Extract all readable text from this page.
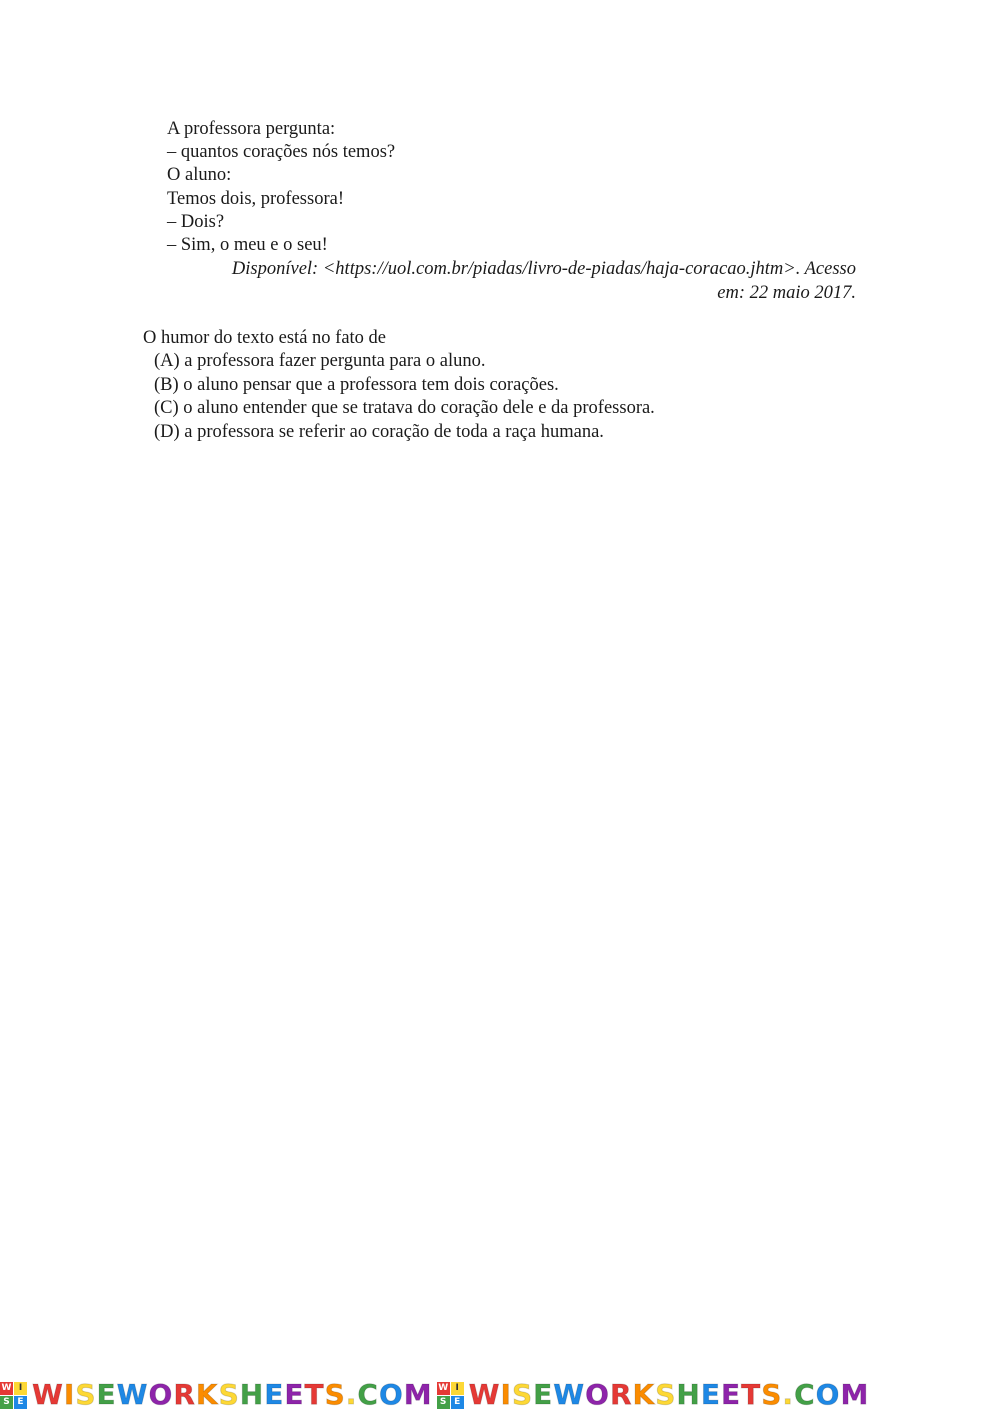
A professora pergunta:
– quantos corações nós temos?
O aluno:
Temos dois, professora!
– Dois?
– Sim, o meu e o seu!
Disponível: <https://uol.com.br/piadas/livro-de-piadas/haja-coracao.jhtm>. Acesso
em: 22 maio 2017.
O humor do texto está no fato de
(A) a professora fazer pergunta para o aluno.
(B) o aluno pensar que a professora tem dois corações.
(C) o aluno entender que se tratava do coração dele e da professora.
(D) a professora se referir ao coração de toda a raça humana.
W I
S E WISEWORKSHEETS.COM W I
S E WISEWORKSHEETS.COM
